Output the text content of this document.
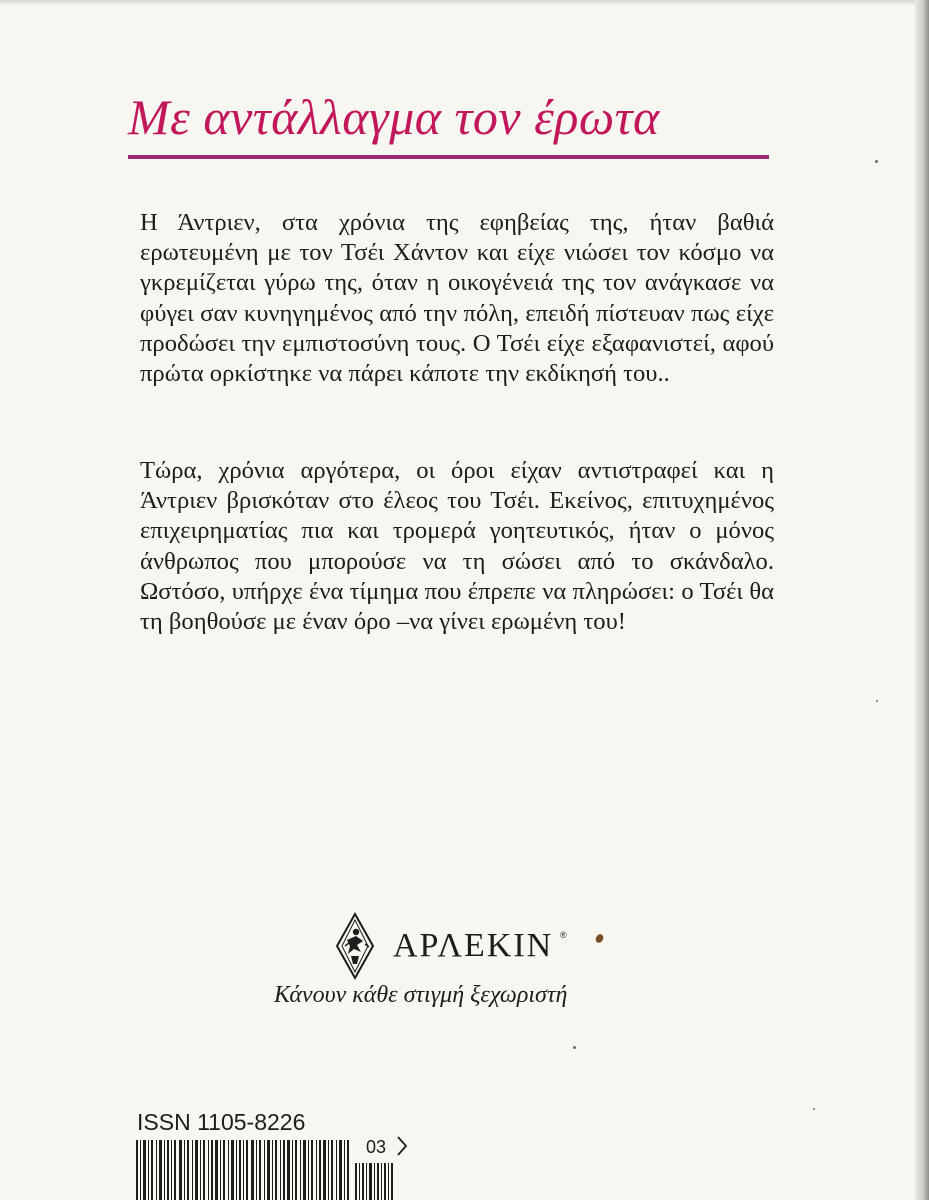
Με αντάλλαγμα τον έρωτα

Η Άντριεν, στα χρόνια της εφηβείας της, ήταν βαθιά ερωτευμένη με τον Τσέι Χάντον και είχε νιώσει τον κόσμο να γκρεμίζεται γύρω της, όταν η οικογένειά της τον ανάγκασε να φύγει σαν κυνηγημένος από την πόλη, επειδή πίστευαν πως είχε προδώσει την εμπιστοσύνη τους. Ο Τσέι είχε εξαφανιστεί, αφού πρώτα ορκίστηκε να πάρει κάποτε την εκδίκησή του..

Τώρα, χρόνια αργότερα, οι όροι είχαν αντιστραφεί και η Άντριεν βρισκόταν στο έλεος του Τσέι. Εκείνος, επιτυχημένος επιχειρηματίας πια και τρομερά γοητευτικός, ήταν ο μόνος άνθρωπος που μπορούσε να τη σώσει από το σκάνδαλο. Ωστόσο, υπήρχε ένα τίμημα που έπρεπε να πληρώσει: ο Τσέι θα τη βοηθούσε με έναν όρο –να γίνει ερωμένη του!

ΑΡΛΕΚΙΝ ®
Κάνουν κάθε στιγμή ξεχωριστή
ISSN 1105-8226
03
